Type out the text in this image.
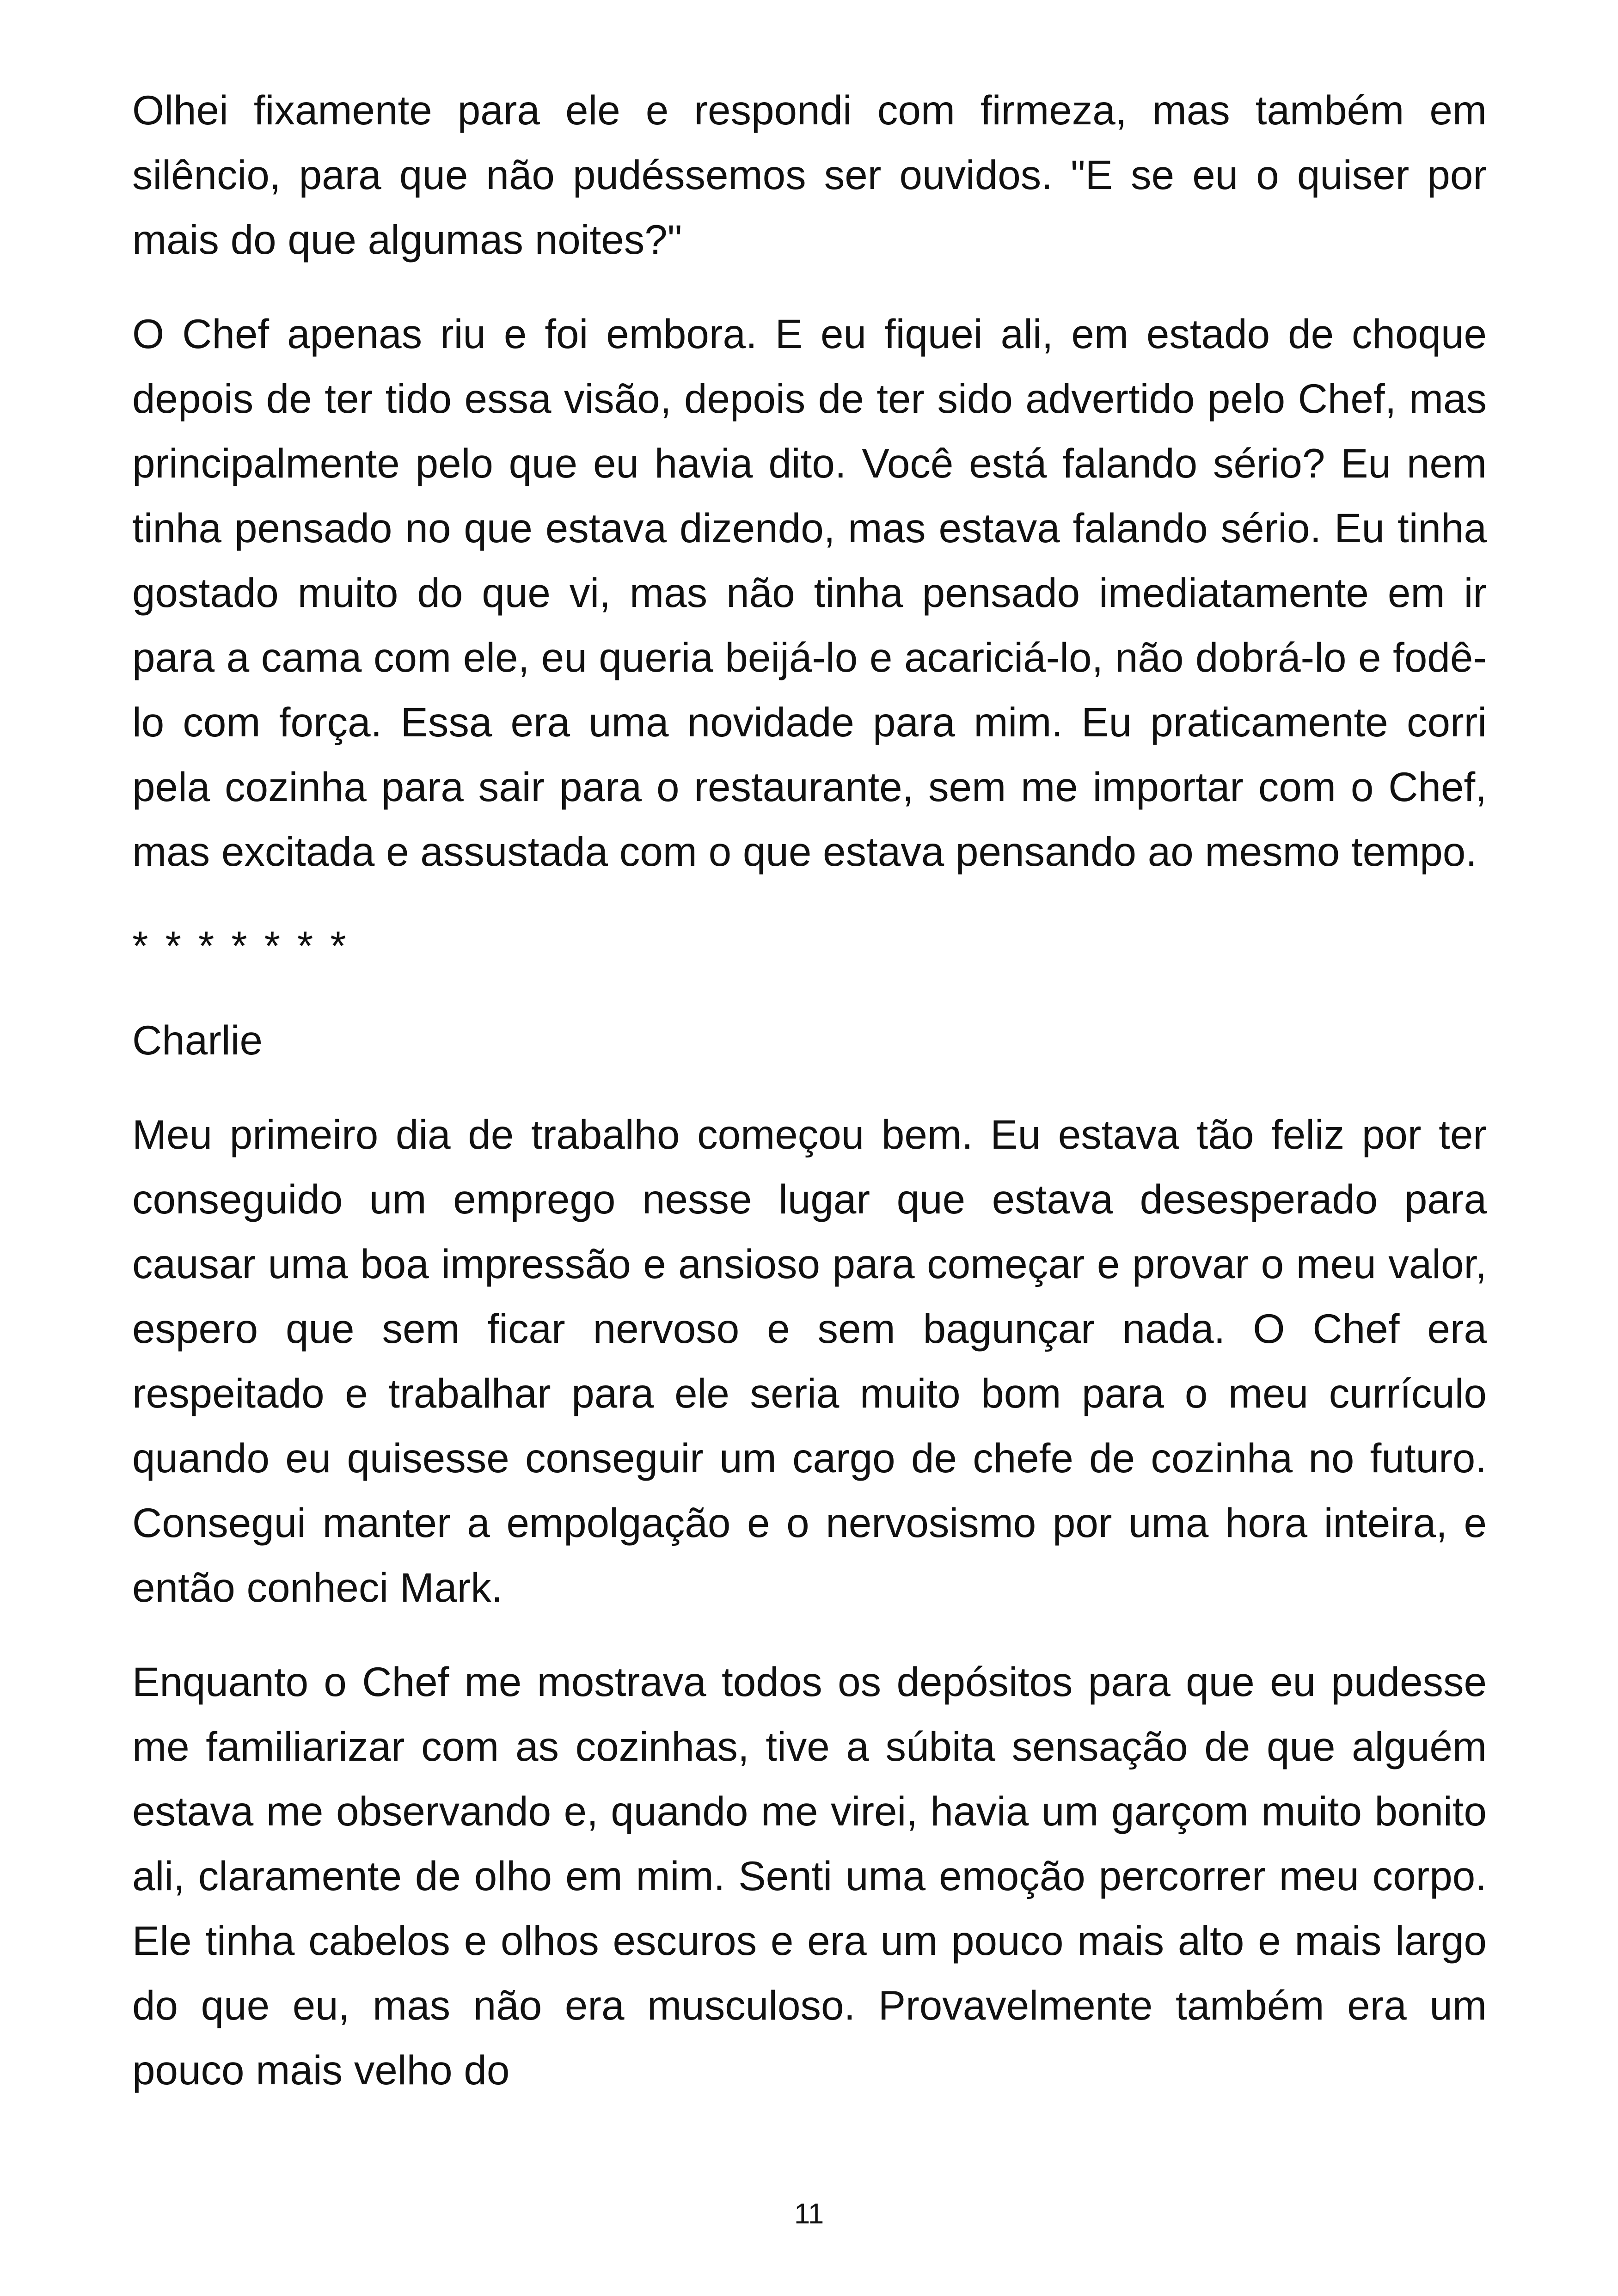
Olhei fixamente para ele e respondi com firmeza, mas também em silêncio, para que não pudéssemos ser ouvidos. "E se eu o quiser por mais do que algumas noites?"

O Chef apenas riu e foi embora. E eu fiquei ali, em estado de choque depois de ter tido essa visão, depois de ter sido advertido pelo Chef, mas principalmente pelo que eu havia dito. Você está falando sério? Eu nem tinha pensado no que estava dizendo, mas estava falando sério. Eu tinha gostado muito do que vi, mas não tinha pensado imediatamente em ir para a cama com ele, eu queria beijá-lo e acariciá-lo, não dobrá-lo e fodê-lo com força. Essa era uma novidade para mim. Eu praticamente corri pela cozinha para sair para o restaurante, sem me importar com o Chef, mas excitada e assustada com o que estava pensando ao mesmo tempo.

* * * * * * *
Charlie

Meu primeiro dia de trabalho começou bem. Eu estava tão feliz por ter conseguido um emprego nesse lugar que estava desesperado para causar uma boa impressão e ansioso para começar e provar o meu valor, espero que sem ficar nervoso e sem bagunçar nada. O Chef era respeitado e trabalhar para ele seria muito bom para o meu currículo quando eu quisesse conseguir um cargo de chefe de cozinha no futuro. Consegui manter a empolgação e o nervosismo por uma hora inteira, e então conheci Mark.

Enquanto o Chef me mostrava todos os depósitos para que eu pudesse me familiarizar com as cozinhas, tive a súbita sensação de que alguém estava me observando e, quando me virei, havia um garçom muito bonito ali, claramente de olho em mim. Senti uma emoção percorrer meu corpo. Ele tinha cabelos e olhos escuros e era um pouco mais alto e mais largo do que eu, mas não era musculoso. Provavelmente também era um pouco mais velho do

11
